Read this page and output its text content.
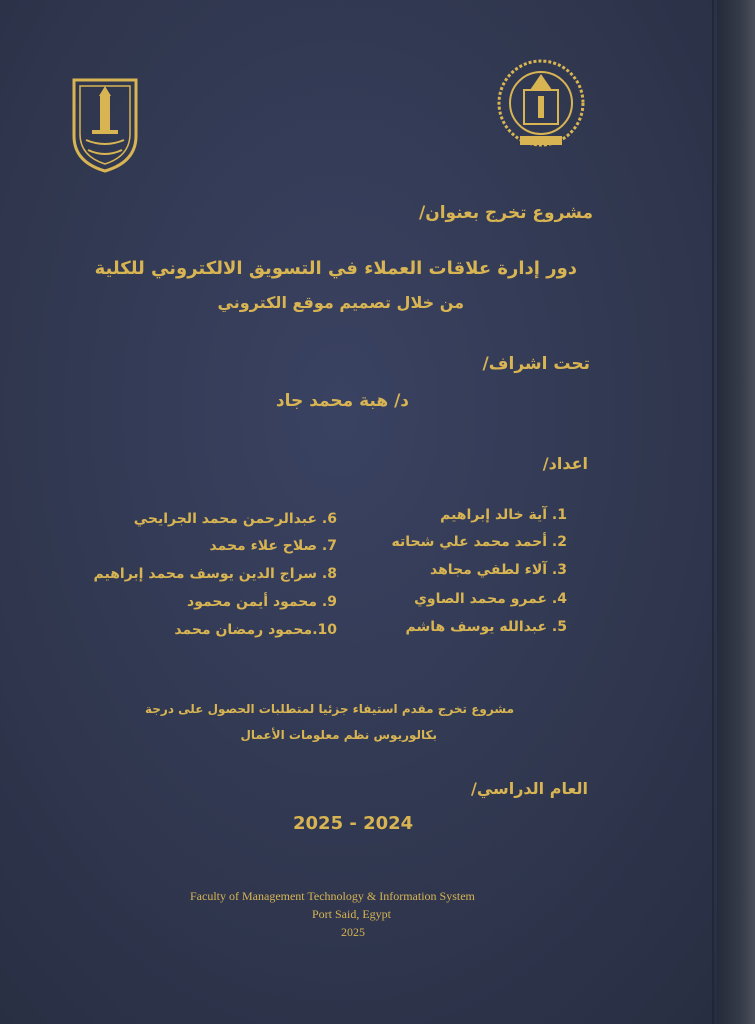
مشروع تخرج بعنوان/
دور إدارة علاقات العملاء في التسويق الالكتروني للكلية
من خلال تصميم موقع الكتروني
تحت اشراف/
د/ هبة محمد جاد
اعداد/
1. آية خالد إبراهيم
2. أحمد محمد علي شحاته
3. آلاء لطفي مجاهد
4. عمرو محمد الصاوي
5. عبدالله يوسف هاشم
6. عبدالرحمن محمد الجرايحي
7. صلاح علاء محمد
8. سراج الدين يوسف محمد إبراهيم
9. محمود أيمن محمود
10.محمود رمضان محمد
مشروع تخرج مقدم استيفاء جزئيا لمتطلبات الحصول على درجة
بكالوريوس نظم معلومات الأعمال
العام الدراسي/
2025 - 2024
Faculty of Management Technology & Information System
Port Said, Egypt
2025
